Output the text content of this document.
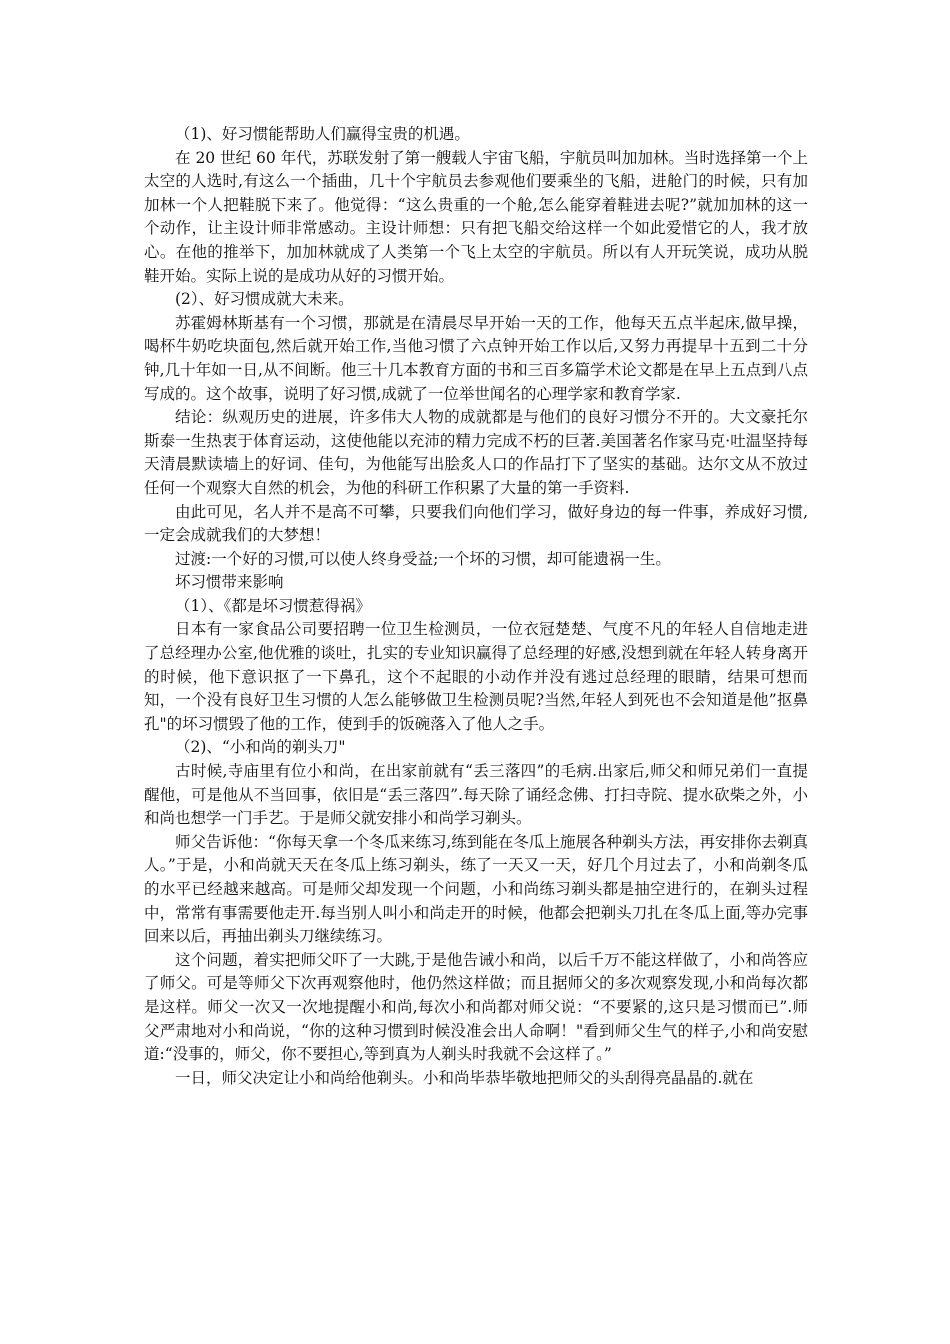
（1)、好习惯能帮助人们赢得宝贵的机遇。

在 20 世纪 60 年代，苏联发射了第一艘载人宇宙飞船，宇航员叫加加林。当时选择第一个上太空的人选时,有这么一个插曲，几十个宇航员去参观他们要乘坐的飞船，进舱门的时候，只有加加林一个人把鞋脱下来了。他觉得：“这么贵重的一个舱,怎么能穿着鞋进去呢?”就加加林的这一个动作，让主设计师非常感动。主设计师想：只有把飞船交给这样一个如此爱惜它的人，我才放心。在他的推举下，加加林就成了人类第一个飞上太空的宇航员。所以有人开玩笑说，成功从脱鞋开始。实际上说的是成功从好的习惯开始。

(2）、好习惯成就大未来。

苏霍姆林斯基有一个习惯，那就是在清晨尽早开始一天的工作，他每天五点半起床,做早操，喝杯牛奶吃块面包,然后就开始工作,当他习惯了六点钟开始工作以后,又努力再提早十五到二十分钟,几十年如一日,从不间断。他三十几本教育方面的书和三百多篇学术论文都是在早上五点到八点写成的。这个故事，说明了好习惯,成就了一位举世闻名的心理学家和教育学家.

结论：纵观历史的进展，许多伟大人物的成就都是与他们的良好习惯分不开的。大文豪托尔斯泰一生热衷于体育运动，这使他能以充沛的精力完成不朽的巨著.美国著名作家马克·吐温坚持每天清晨默读墙上的好词、佳句，为他能写出脍炙人口的作品打下了坚实的基础。达尔文从不放过任何一个观察大自然的机会，为他的科研工作积累了大量的第一手资料.

由此可见，名人并不是高不可攀，只要我们向他们学习，做好身边的每一件事，养成好习惯,一定会成就我们的大梦想！

过渡:一个好的习惯,可以使人终身受益;一个坏的习惯，却可能遗祸一生。

坏习惯带来影响

（1）、《都是坏习惯惹得祸》

日本有一家食品公司要招聘一位卫生检测员，一位衣冠楚楚、气度不凡的年轻人自信地走进了总经理办公室,他优雅的谈吐，扎实的专业知识赢得了总经理的好感,没想到就在年轻人转身离开的时候，他下意识抠了一下鼻孔，这个不起眼的小动作并没有逃过总经理的眼睛，结果可想而知，一个没有良好卫生习惯的人怎么能够做卫生检测员呢?当然,年轻人到死也不会知道是他”抠鼻孔"的坏习惯毁了他的工作，使到手的饭碗落入了他人之手。

（2)、“小和尚的剃头刀"

古时候,寺庙里有位小和尚，在出家前就有“丢三落四”的毛病.出家后,师父和师兄弟们一直提醒他，可是他从不当回事，依旧是“丢三落四”.每天除了诵经念佛、打扫寺院、提水砍柴之外，小和尚也想学一门手艺。于是师父就安排小和尚学习剃头。

师父告诉他：“你每天拿一个冬瓜来练习,练到能在冬瓜上施展各种剃头方法，再安排你去剃真人。”于是，小和尚就天天在冬瓜上练习剃头，练了一天又一天，好几个月过去了，小和尚剃冬瓜的水平已经越来越高。可是师父却发现一个问题，小和尚练习剃头都是抽空进行的，在剃头过程中，常常有事需要他走开.每当别人叫小和尚走开的时候，他都会把剃头刀扎在冬瓜上面,等办完事回来以后，再抽出剃头刀继续练习。

这个问题，着实把师父吓了一大跳,于是他告诫小和尚，以后千万不能这样做了，小和尚答应了师父。可是等师父下次再观察他时，他仍然这样做；而且据师父的多次观察发现,小和尚每次都是这样。师父一次又一次地提醒小和尚,每次小和尚都对师父说：“不要紧的,这只是习惯而已”.师父严肃地对小和尚说，“你的这种习惯到时候没准会出人命啊！"看到师父生气的样子,小和尚安慰道:“没事的，师父，你不要担心,等到真为人剃头时我就不会这样了。”

一日，师父决定让小和尚给他剃头。小和尚毕恭毕敬地把师父的头刮得亮晶晶的.就在
